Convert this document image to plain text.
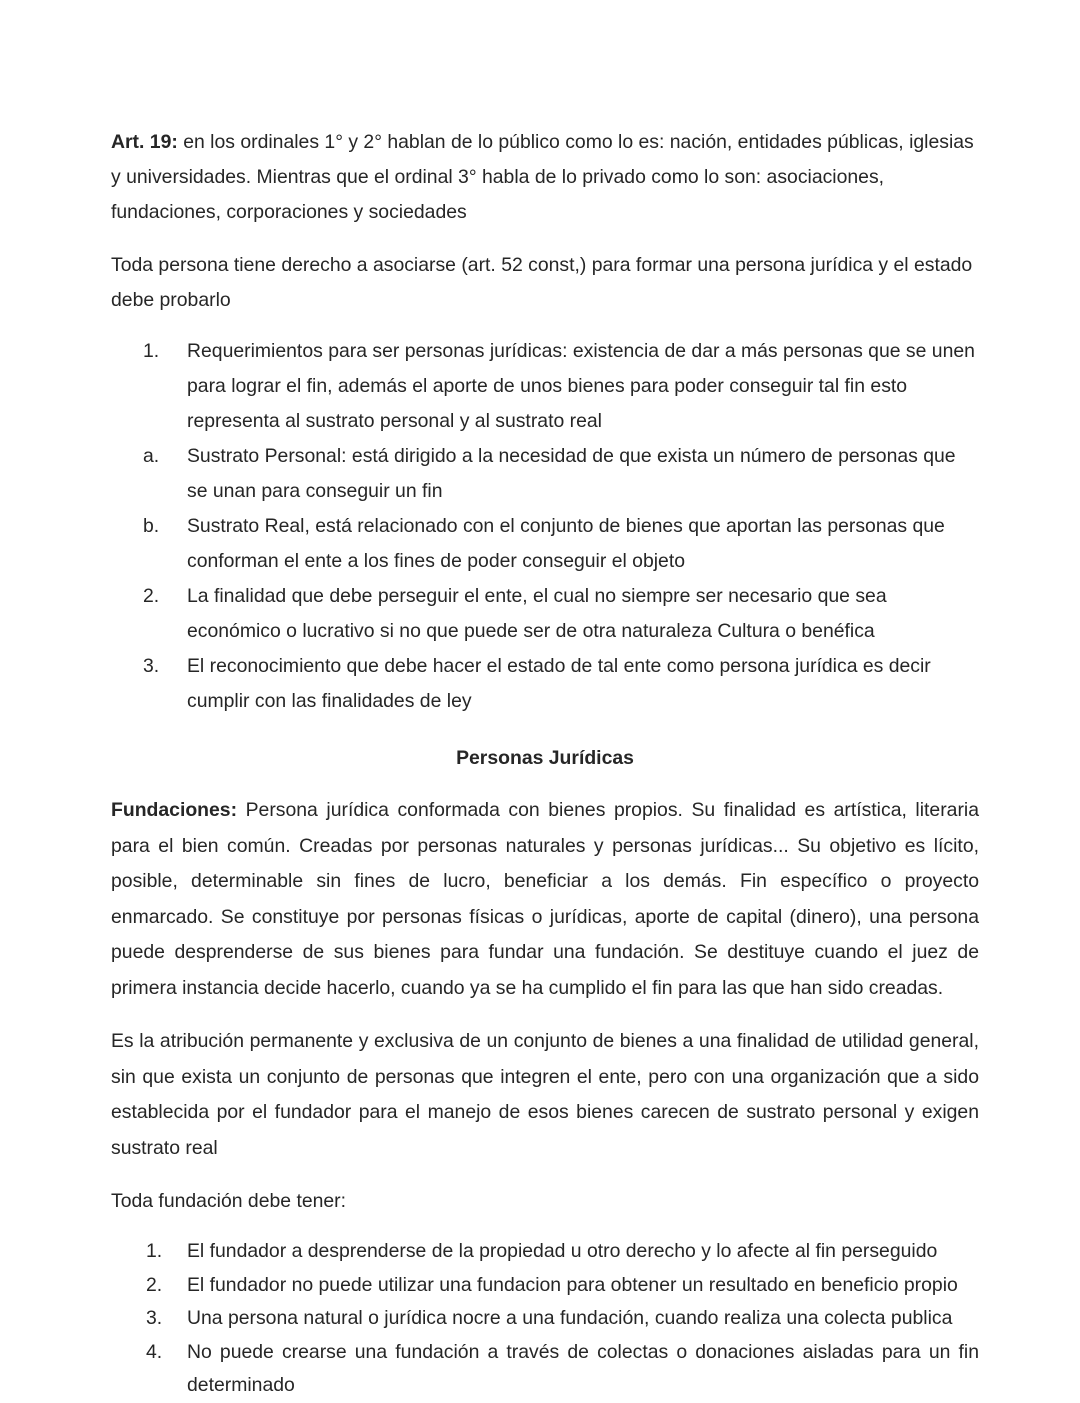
Art. 19: en los ordinales 1° y 2° hablan de lo público como lo es: nación, entidades públicas, iglesias y universidades. Mientras que el ordinal 3° habla de lo privado como lo son: asociaciones, fundaciones, corporaciones y sociedades

Toda persona tiene derecho a asociarse (art. 52 const,) para formar una persona jurídica y el estado debe probarlo

1.	Requerimientos para ser personas jurídicas: existencia de dar a más personas que se unen para lograr el fin, además el aporte de unos bienes para poder conseguir tal fin esto representa al sustrato personal y al sustrato real
a.	Sustrato Personal: está dirigido a la necesidad de que exista un número de personas que se unan para conseguir un fin
b.	Sustrato Real, está relacionado con el conjunto de bienes que aportan las personas que conforman el ente a los fines de poder conseguir el objeto
2.	La finalidad que debe perseguir el ente, el cual no siempre ser necesario que sea económico o lucrativo si no que puede ser de otra naturaleza Cultura o benéfica
3.	El reconocimiento que debe hacer el estado de tal ente como persona jurídica es decir cumplir con las finalidades de ley
Personas Jurídicas

Fundaciones: Persona jurídica conformada con bienes propios. Su finalidad es artística, literaria para el bien común. Creadas por personas naturales y personas jurídicas... Su objetivo es lícito, posible, determinable sin fines de lucro, beneficiar a los demás. Fin específico o proyecto enmarcado. Se constituye por personas físicas o jurídicas, aporte de capital (dinero), una persona puede desprenderse de sus bienes para fundar una fundación. Se destituye cuando el juez de primera instancia decide hacerlo, cuando ya se ha cumplido el fin para las que han sido creadas.

Es la atribución permanente y exclusiva de un conjunto de bienes a una finalidad de utilidad general, sin que exista un conjunto de personas que integren el ente, pero con una organización que a sido establecida por el fundador para el manejo de esos bienes carecen de sustrato personal y exigen sustrato real

Toda fundación debe tener:

1.	El fundador a desprenderse de la propiedad u otro derecho y lo afecte al fin perseguido
2.	El fundador no puede utilizar una fundacion para obtener un resultado en beneficio propio
3.	Una persona natural o jurídica nocre a una fundación, cuando realiza una colecta publica
4.	No puede crearse una fundación a través de colectas o donaciones aisladas para un fin determinado
